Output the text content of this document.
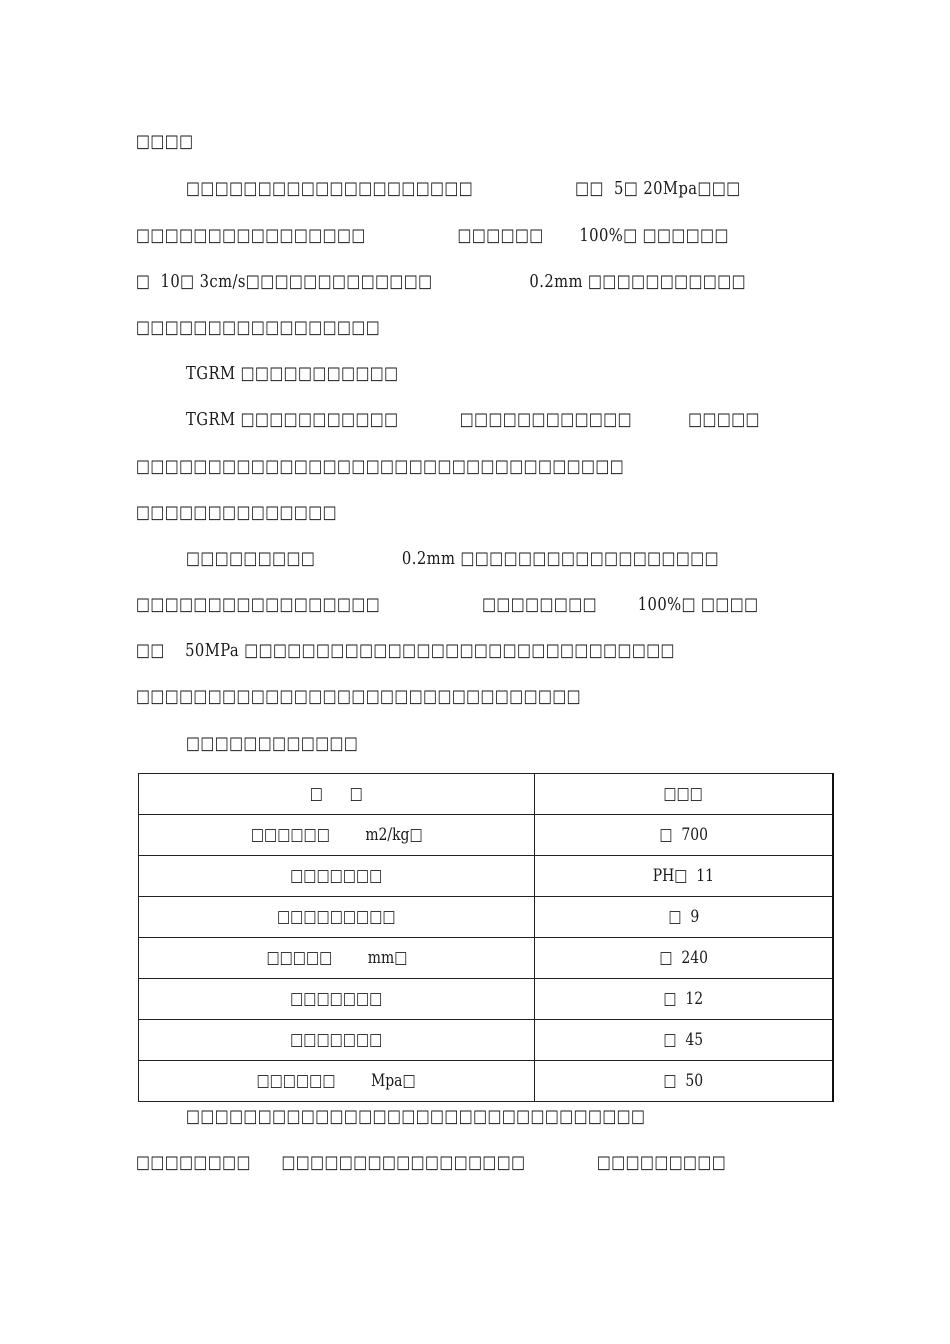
□□□□
□□□□□□□□□□□□□□□□□□□□                    □□  5□ 20Mpa□□□
□□□□□□□□□□□□□□□□                  □□□□□□       100%□ □□□□□□
□  10□ 3cm/s□□□□□□□□□□□□□                   0.2mm □□□□□□□□□□□
□□□□□□□□□□□□□□□□□
TGRM □□□□□□□□□□□
TGRM □□□□□□□□□□□            □□□□□□□□□□□□           □□□□□
□□□□□□□□□□□□□□□□□□□□□□□□□□□□□□□□□□
□□□□□□□□□□□□□□
□□□□□□□□□                 0.2mm □□□□□□□□□□□□□□□□□□
□□□□□□□□□□□□□□□□□                    □□□□□□□□        100%□ □□□□
□□    50MPa □□□□□□□□□□□□□□□□□□□□□□□□□□□□□□
□□□□□□□□□□□□□□□□□□□□□□□□□□□□□□□
□□□□□□□□□□□□
□      □	□□□
□□□□□□        m2/kg□	□  700
□□□□□□□	PH□  11
□□□□□□□□□	□  9
□□□□□        mm□	□  240
□□□□□□□	□  12
□□□□□□□	□  45
□□□□□□        Mpa□	□  50
□□□□□□□□□□□□□□□□□□□□□□□□□□□□□□□□
□□□□□□□□      □□□□□□□□□□□□□□□□□              □□□□□□□□□
